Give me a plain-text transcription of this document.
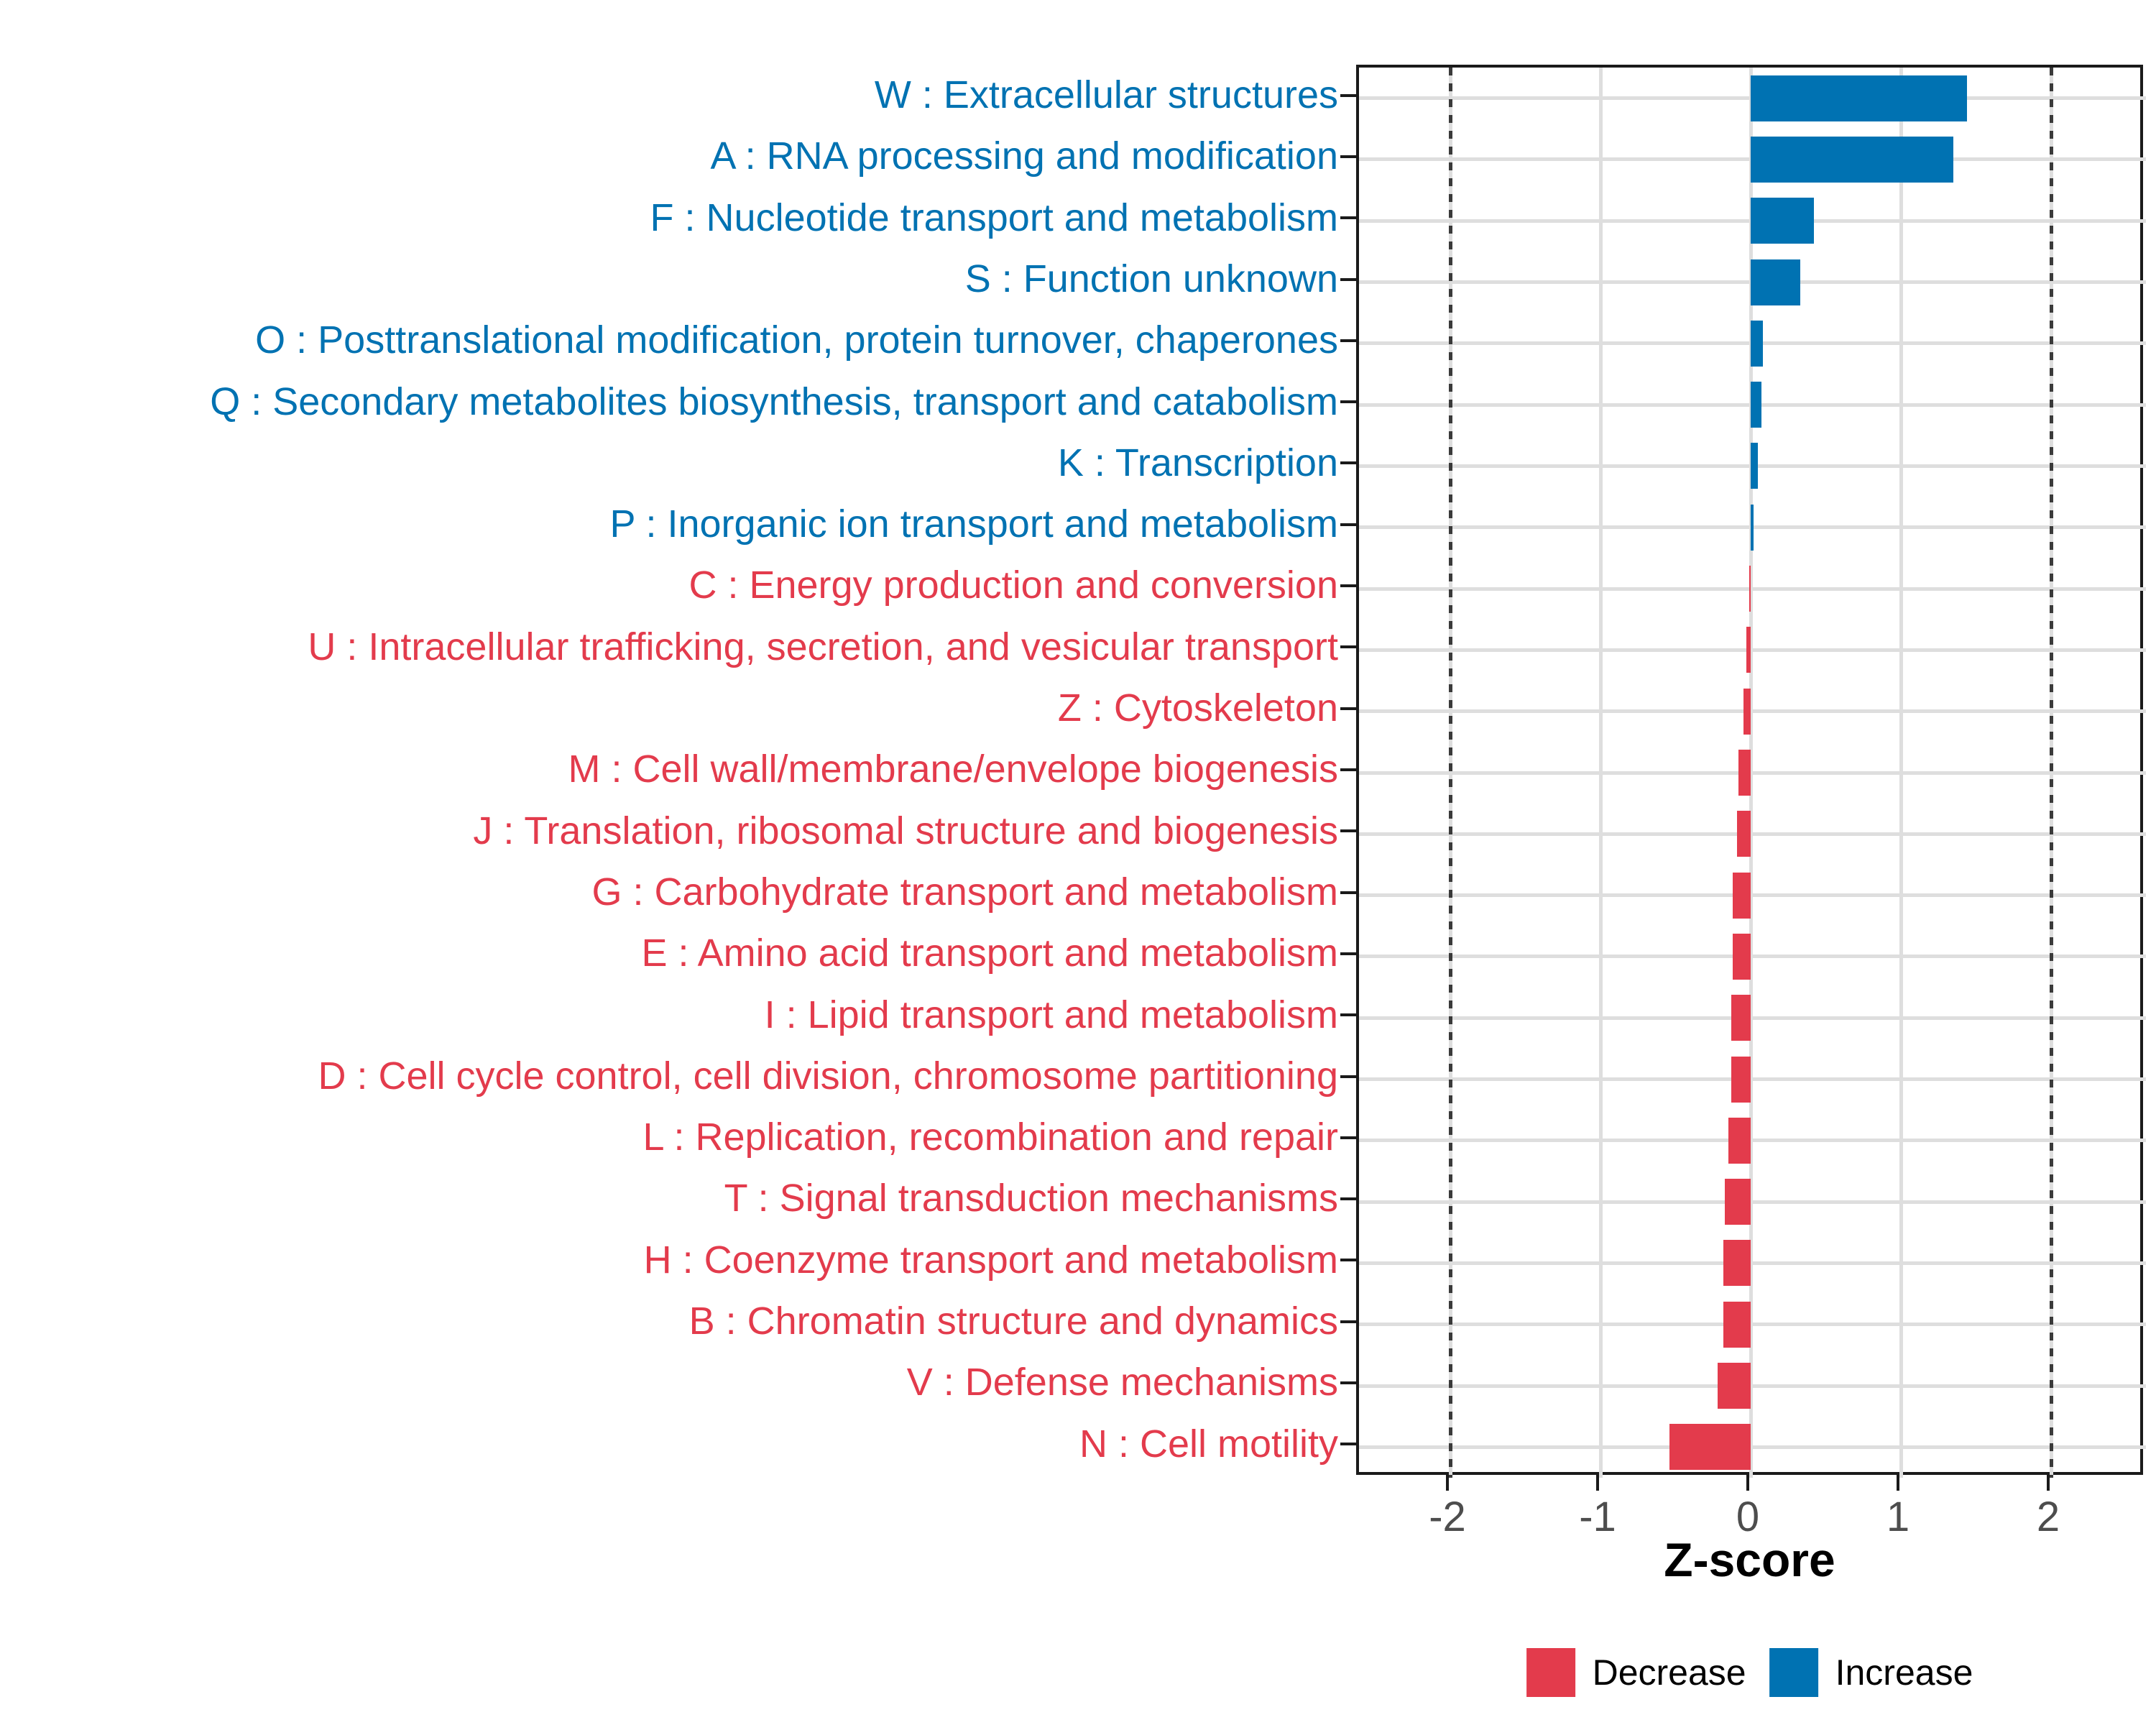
W : Extracellular structures
A : RNA processing and modification
F : Nucleotide transport and metabolism
S : Function unknown
O : Posttranslational modification, protein turnover, chaperones
Q : Secondary metabolites biosynthesis, transport and catabolism
K : Transcription
P : Inorganic ion transport and metabolism
C : Energy production and conversion
U : Intracellular trafficking, secretion, and vesicular transport
Z : Cytoskeleton
M : Cell wall/membrane/envelope biogenesis
J : Translation, ribosomal structure and biogenesis
G : Carbohydrate transport and metabolism
E : Amino acid transport and metabolism
I : Lipid transport and metabolism
D : Cell cycle control, cell division, chromosome partitioning
L : Replication, recombination and repair
T : Signal transduction mechanisms
H : Coenzyme transport and metabolism
B : Chromatin structure and dynamics
V : Defense mechanisms
N : Cell motility
-2	-1	0	1	2
Z-score
Decrease Increase
